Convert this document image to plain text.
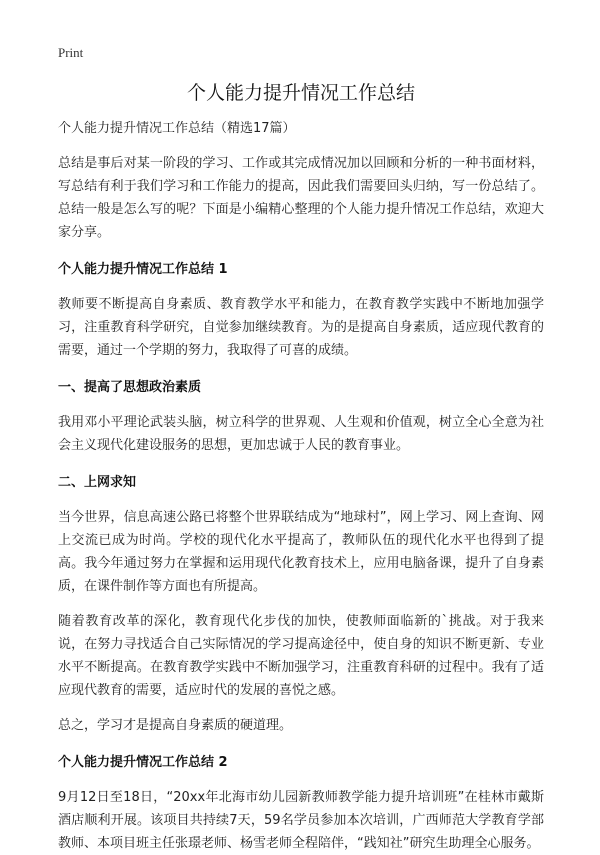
Print
个人能力提升情况工作总结
个人能力提升情况工作总结（精选17篇）

总结是事后对某一阶段的学习、工作或其完成情况加以回顾和分析的一种书面材料，写总结有利于我们学习和工作能力的提高，因此我们需要回头归纳，写一份总结了。总结一般是怎么写的呢？下面是小编精心整理的个人能力提升情况工作总结，欢迎大家分享。

个人能力提升情况工作总结 1

教师要不断提高自身素质、教育教学水平和能力，在教育教学实践中不断地加强学习，注重教育科学研究，自觉参加继续教育。为的是提高自身素质，适应现代教育的需要，通过一个学期的努力，我取得了可喜的成绩。

一、提高了思想政治素质

我用邓小平理论武装头脑，树立科学的世界观、人生观和价值观，树立全心全意为社会主义现代化建设服务的思想，更加忠诚于人民的教育事业。

二、上网求知

当今世界，信息高速公路已将整个世界联结成为“地球村”，网上学习、网上查询、网上交流已成为时尚。学校的现代化水平提高了，教师队伍的现代化水平也得到了提高。我今年通过努力在掌握和运用现代化教育技术上，应用电脑备课，提升了自身素质，在课件制作等方面也有所提高。

随着教育改革的深化，教育现代化步伐的加快，使教师面临新的`挑战。对于我来说，在努力寻找适合自己实际情况的学习提高途径中，使自身的知识不断更新、专业水平不断提高。在教育教学实践中不断加强学习，注重教育科研的过程中。我有了适应现代教育的需要，适应时代的发展的喜悦之感。

总之，学习才是提高自身素质的硬道理。

个人能力提升情况工作总结 2

9月12日至18日，“20xx年北海市幼儿园新教师教学能力提升培训班”在桂林市戴斯酒店顺利开展。该项目共持续7天，59名学员参加本次培训，广西师范大学教育学部教师、本项目班主任张璟老师、杨雪老师全程陪伴，“践知社”研究生助理全心服务。
